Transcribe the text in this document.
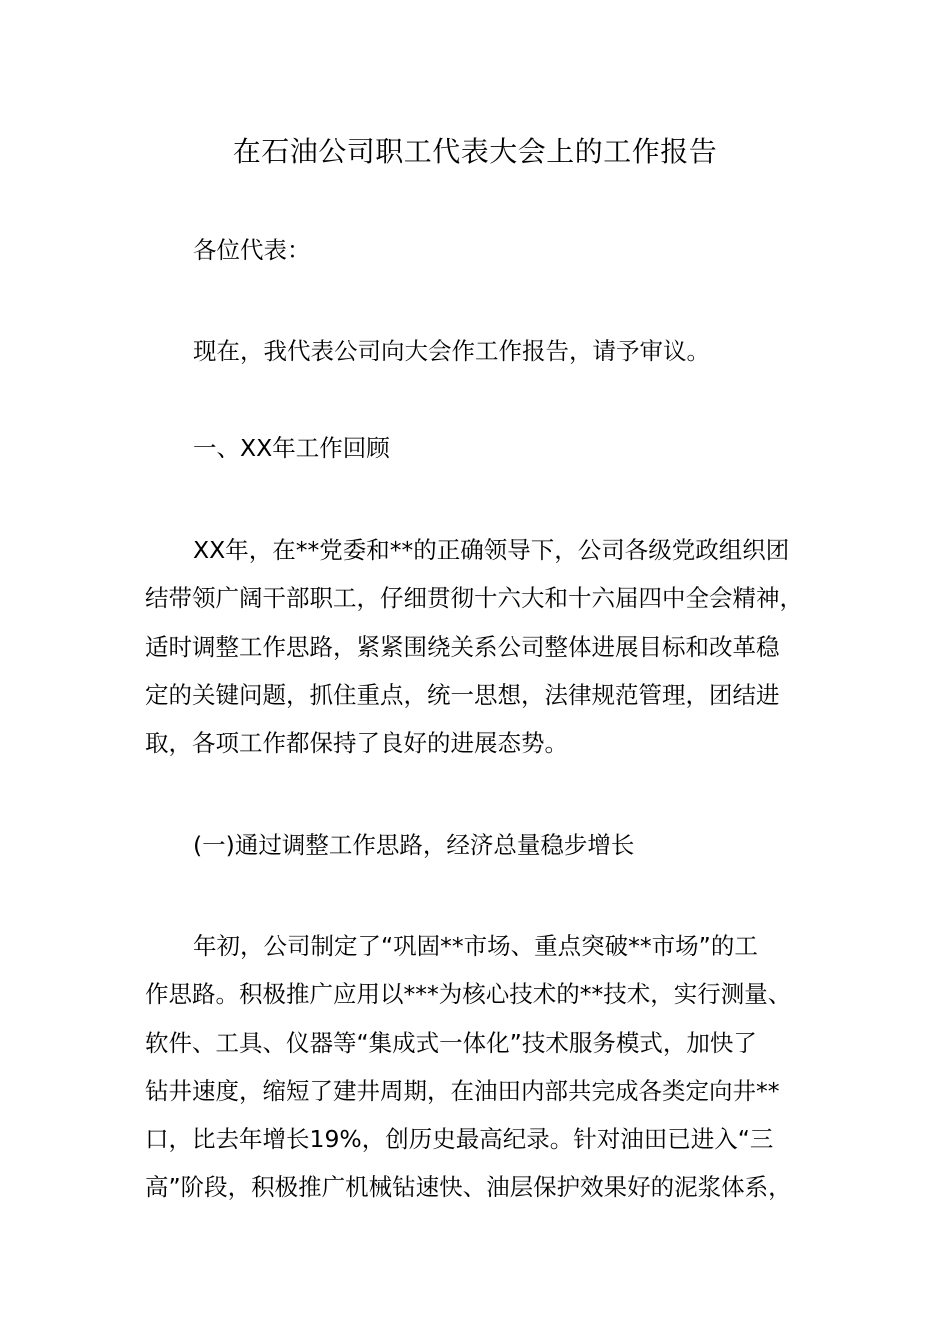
在石油公司职工代表大会上的工作报告

各位代表：

现在，我代表公司向大会作工作报告，请予审议。

一、XX年工作回顾

XX年，在**党委和**的正确领导下，公司各级党政组织团
结带领广阔干部职工，仔细贯彻十六大和十六届四中全会精神，
适时调整工作思路，紧紧围绕关系公司整体进展目标和改革稳
定的关键问题，抓住重点，统一思想，法律规范管理，团结进
取，各项工作都保持了良好的进展态势。

(一)通过调整工作思路，经济总量稳步增长

年初，公司制定了“巩固**市场、重点突破**市场”的工
作思路。积极推广应用以***为核心技术的**技术，实行测量、
软件、工具、仪器等“集成式一体化”技术服务模式，加快了
钻井速度，缩短了建井周期，在油田内部共完成各类定向井**
口，比去年增长19%，创历史最高纪录。针对油田已进入“三
高”阶段，积极推广机械钻速快、油层保护效果好的泥浆体系，
